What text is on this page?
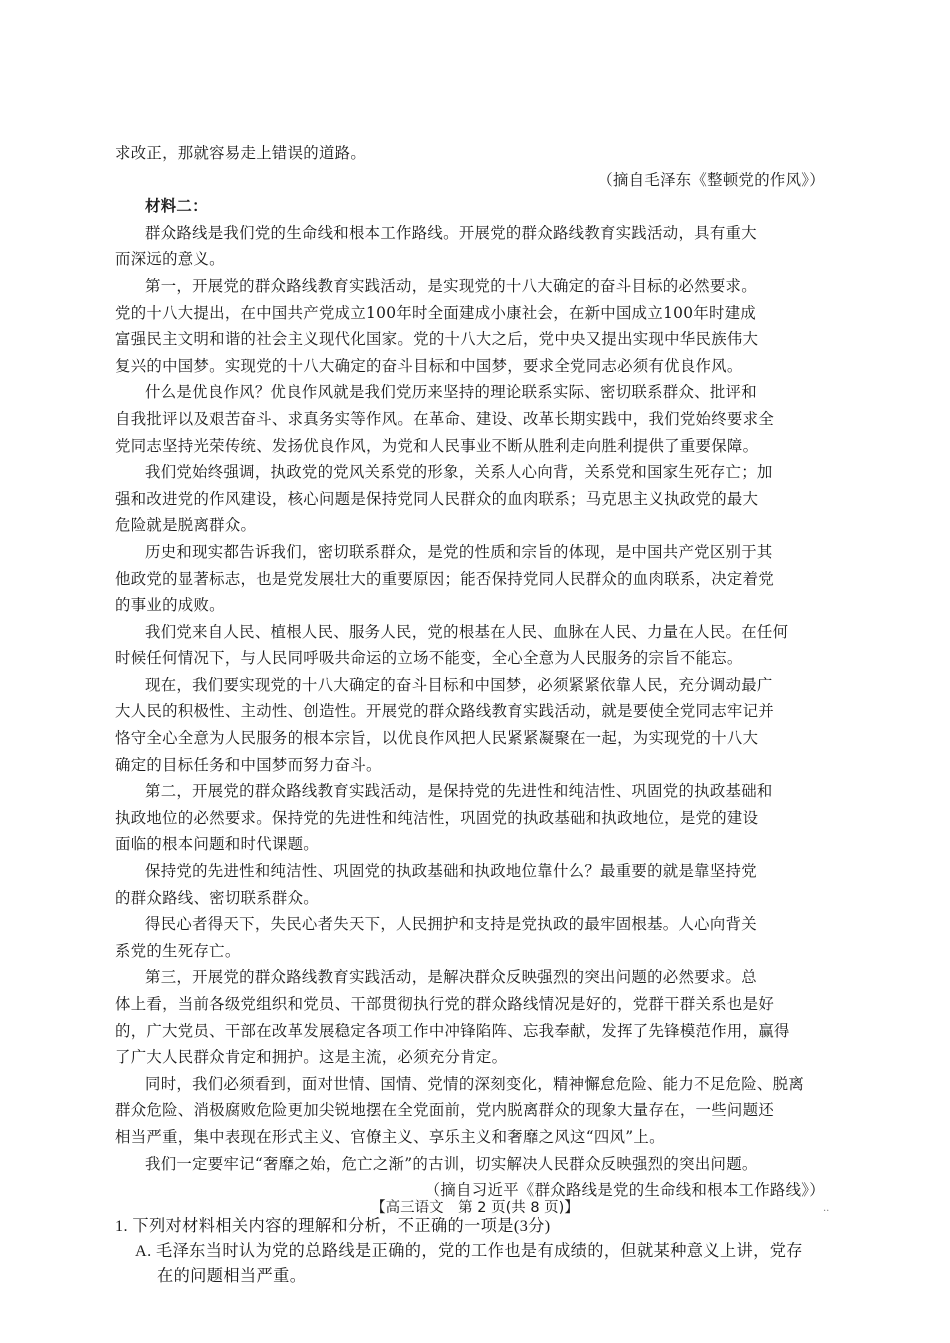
求改正，那就容易走上错误的道路。
（摘自毛泽东《整顿党的作风》）
材料二：
群众路线是我们党的生命线和根本工作路线。开展党的群众路线教育实践活动，具有重大
而深远的意义。
第一，开展党的群众路线教育实践活动，是实现党的十八大确定的奋斗目标的必然要求。
党的十八大提出，在中国共产党成立100年时全面建成小康社会，在新中国成立100年时建成
富强民主文明和谐的社会主义现代化国家。党的十八大之后，党中央又提出实现中华民族伟大
复兴的中国梦。实现党的十八大确定的奋斗目标和中国梦，要求全党同志必须有优良作风。
什么是优良作风？优良作风就是我们党历来坚持的理论联系实际、密切联系群众、批评和
自我批评以及艰苦奋斗、求真务实等作风。在革命、建设、改革长期实践中，我们党始终要求全
党同志坚持光荣传统、发扬优良作风，为党和人民事业不断从胜利走向胜利提供了重要保障。
我们党始终强调，执政党的党风关系党的形象，关系人心向背，关系党和国家生死存亡；加
强和改进党的作风建设，核心问题是保持党同人民群众的血肉联系；马克思主义执政党的最大
危险就是脱离群众。
历史和现实都告诉我们，密切联系群众，是党的性质和宗旨的体现，是中国共产党区别于其
他政党的显著标志，也是党发展壮大的重要原因；能否保持党同人民群众的血肉联系，决定着党
的事业的成败。
我们党来自人民、植根人民、服务人民，党的根基在人民、血脉在人民、力量在人民。在任何
时候任何情况下，与人民同呼吸共命运的立场不能变，全心全意为人民服务的宗旨不能忘。
现在，我们要实现党的十八大确定的奋斗目标和中国梦，必须紧紧依靠人民，充分调动最广
大人民的积极性、主动性、创造性。开展党的群众路线教育实践活动，就是要使全党同志牢记并
恪守全心全意为人民服务的根本宗旨，以优良作风把人民紧紧凝聚在一起，为实现党的十八大
确定的目标任务和中国梦而努力奋斗。
第二，开展党的群众路线教育实践活动，是保持党的先进性和纯洁性、巩固党的执政基础和
执政地位的必然要求。保持党的先进性和纯洁性，巩固党的执政基础和执政地位，是党的建设
面临的根本问题和时代课题。
保持党的先进性和纯洁性、巩固党的执政基础和执政地位靠什么？最重要的就是靠坚持党
的群众路线、密切联系群众。
得民心者得天下，失民心者失天下，人民拥护和支持是党执政的最牢固根基。人心向背关
系党的生死存亡。
第三，开展党的群众路线教育实践活动，是解决群众反映强烈的突出问题的必然要求。总
体上看，当前各级党组织和党员、干部贯彻执行党的群众路线情况是好的，党群干群关系也是好
的，广大党员、干部在改革发展稳定各项工作中冲锋陷阵、忘我奉献，发挥了先锋模范作用，赢得
了广大人民群众肯定和拥护。这是主流，必须充分肯定。
同时，我们必须看到，面对世情、国情、党情的深刻变化，精神懈怠危险、能力不足危险、脱离
群众危险、消极腐败危险更加尖锐地摆在全党面前，党内脱离群众的现象大量存在，一些问题还
相当严重，集中表现在形式主义、官僚主义、享乐主义和奢靡之风这“四风”上。
我们一定要牢记“奢靡之始，危亡之渐”的古训，切实解决人民群众反映强烈的突出问题。
（摘自习近平《群众路线是党的生命线和根本工作路线》）
1. 下列对材料相关内容的理解和分析，不正确的一项是(3分)
A. 毛泽东当时认为党的总路线是正确的，党的工作也是有成绩的，但就某种意义上讲，党存
在的问题相当严重。
【高三语文　第 2 页(共 8 页)】	..
